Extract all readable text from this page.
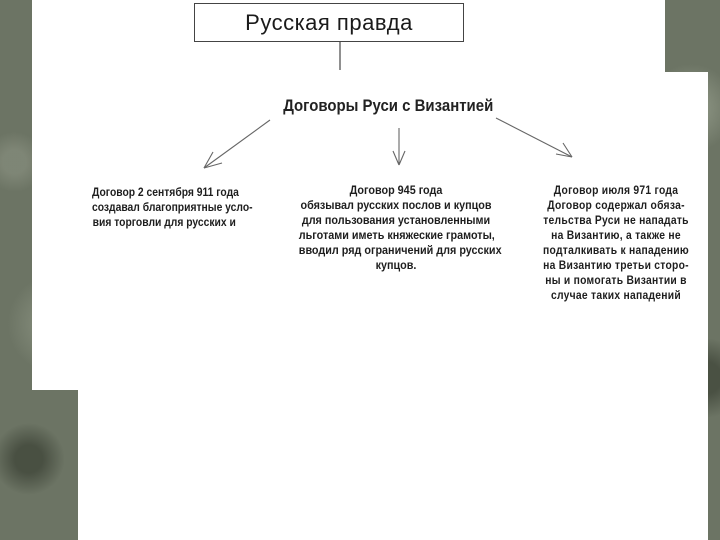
Русская правда
Договоры Руси с Византией
Договор 2 сентября 911 года
создавал благоприятные усло-
вия торговли для русских и
Договор 945 года
обязывал русских послов и купцов
для пользования установленными
льготами иметь княжеские грамоты,
вводил ряд ограничений для русских
купцов.
Договор июля 971 года
Договор содержал обяза-
тельства Руси не нападать
на Византию, а также не
подталкивать к нападению
на Византию третьи сторо-
ны и помогать Византии в
случае таких нападений
